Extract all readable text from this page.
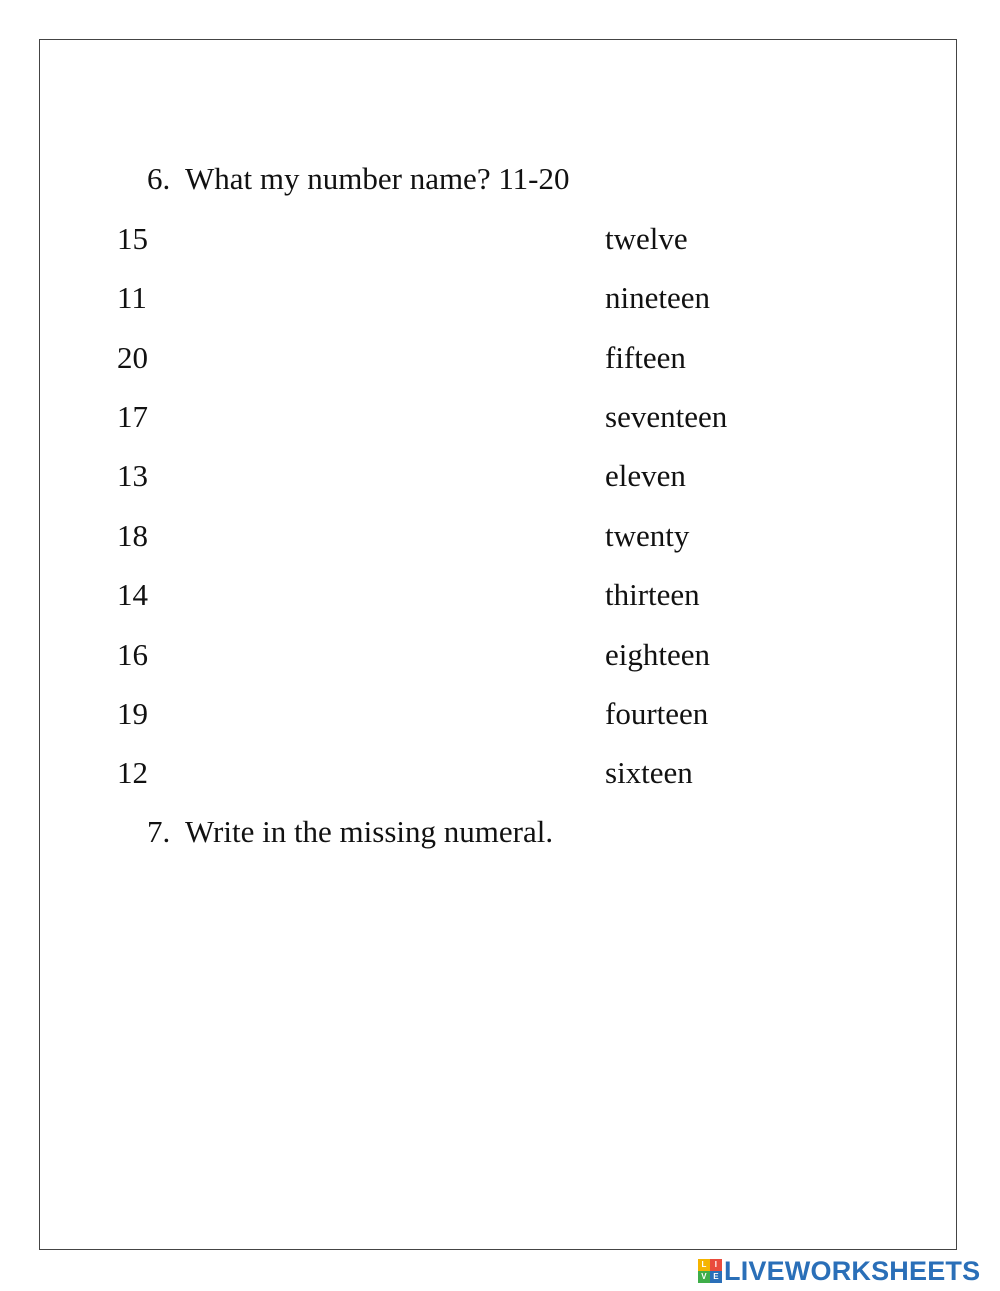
6. What my number name? 11-20
15	twelve
11	nineteen
20	fifteen
17	seventeen
13	eleven
18	twenty
14	thirteen
16	eighteen
19	fourteen
12	sixteen
7. Write in the missing numeral.
L	I
V E LIVEWORKSHEETS
